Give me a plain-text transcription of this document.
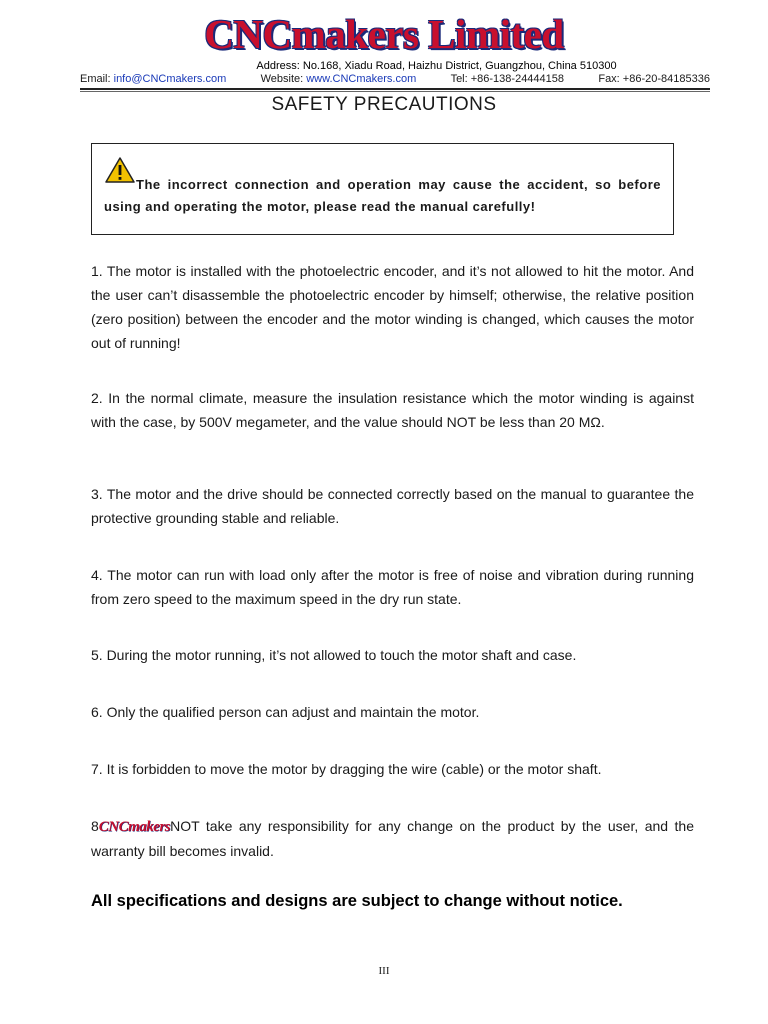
CNCmakers Limited
Address: No.168, Xiadu Road, Haizhu District, Guangzhou, China 510300
Email: info@CNCmakers.com	Website: www.CNCmakers.com	Tel: +86-138-24444158	Fax: +86-20-84185336
SAFETY PRECAUTIONS
The incorrect connection and operation may cause the accident, so before using and operating the motor, please read the manual carefully!
1. The motor is installed with the photoelectric encoder, and it’s not allowed to hit the motor. And the user can’t disassemble the photoelectric encoder by himself; otherwise, the relative position (zero position) between the encoder and the motor winding is changed, which causes the motor out of running!
2. In the normal climate, measure the insulation resistance which the motor winding is against with the case, by 500V megameter, and the value should NOT be less than 20 MΩ.
3. The motor and the drive should be connected correctly based on the manual to guarantee the protective grounding stable and reliable.
4. The motor can run with load only after the motor is free of noise and vibration during running from zero speed to the maximum speed in the dry run state.
5. During the motor running, it’s not allowed to touch the motor shaft and case.
6. Only the qualified person can adjust and maintain the motor.
7. It is forbidden to move the motor by dragging the wire (cable) or the motor shaft.
8CNCmakersNOT take any responsibility for any change on the product by the user, and the warranty bill becomes invalid.
All specifications and designs are subject to change without notice.
III
